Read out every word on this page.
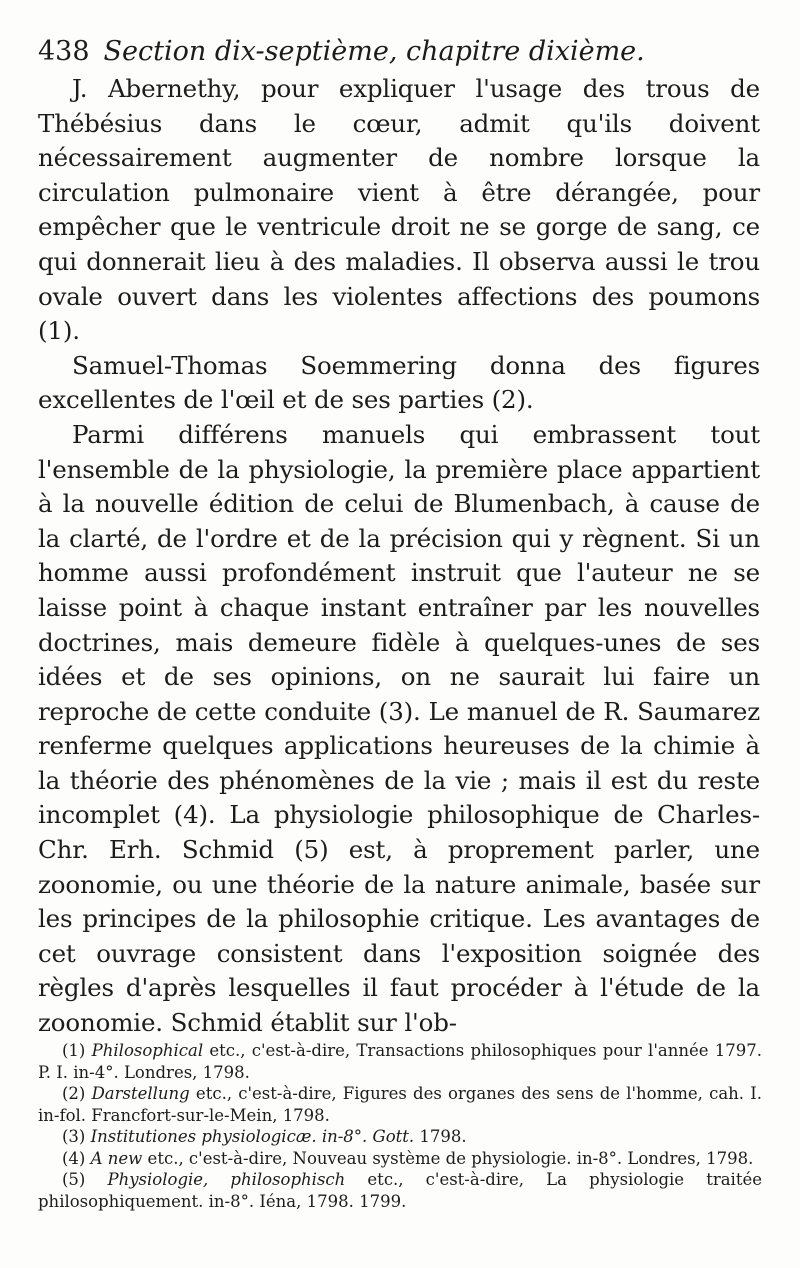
438 Section dix-septième, chapitre dixième.

J. Abernethy, pour expliquer l'usage des trous de Thébésius dans le cœur, admit qu'ils doivent nécessairement augmenter de nombre lorsque la circulation pulmonaire vient à être dérangée, pour empêcher que le ventricule droit ne se gorge de sang, ce qui donnerait lieu à des maladies. Il observa aussi le trou ovale ouvert dans les violentes affections des poumons (1).

Samuel-Thomas Soemmering donna des figures excellentes de l'œil et de ses parties (2).

Parmi différens manuels qui embrassent tout l'ensemble de la physiologie, la première place appartient à la nouvelle édition de celui de Blumenbach, à cause de la clarté, de l'ordre et de la précision qui y règnent. Si un homme aussi profondément instruit que l'auteur ne se laisse point à chaque instant entraîner par les nouvelles doctrines, mais demeure fidèle à quelques-unes de ses idées et de ses opinions, on ne saurait lui faire un reproche de cette conduite (3). Le manuel de R. Saumarez renferme quelques applications heureuses de la chimie à la théorie des phénomènes de la vie ; mais il est du reste incomplet (4). La physiologie philosophique de Charles-Chr. Erh. Schmid (5) est, à proprement parler, une zoonomie, ou une théorie de la nature animale, basée sur les principes de la philosophie critique. Les avantages de cet ouvrage consistent dans l'exposition soignée des règles d'après lesquelles il faut procéder à l'étude de la zoonomie. Schmid établit sur l'ob-

(1) Philosophical etc., c'est-à-dire, Transactions philosophiques pour l'année 1797. P. I. in-4°. Londres, 1798.
(2) Darstellung etc., c'est-à-dire, Figures des organes des sens de l'homme, cah. I. in-fol. Francfort-sur-le-Mein, 1798.
(3) Institutiones physiologicæ. in-8°. Gott. 1798.
(4) A new etc., c'est-à-dire, Nouveau système de physiologie. in-8°. Londres, 1798.
(5) Physiologie, philosophisch etc., c'est-à-dire, La physiologie traitée philosophiquement. in-8°. Iéna, 1798. 1799.
